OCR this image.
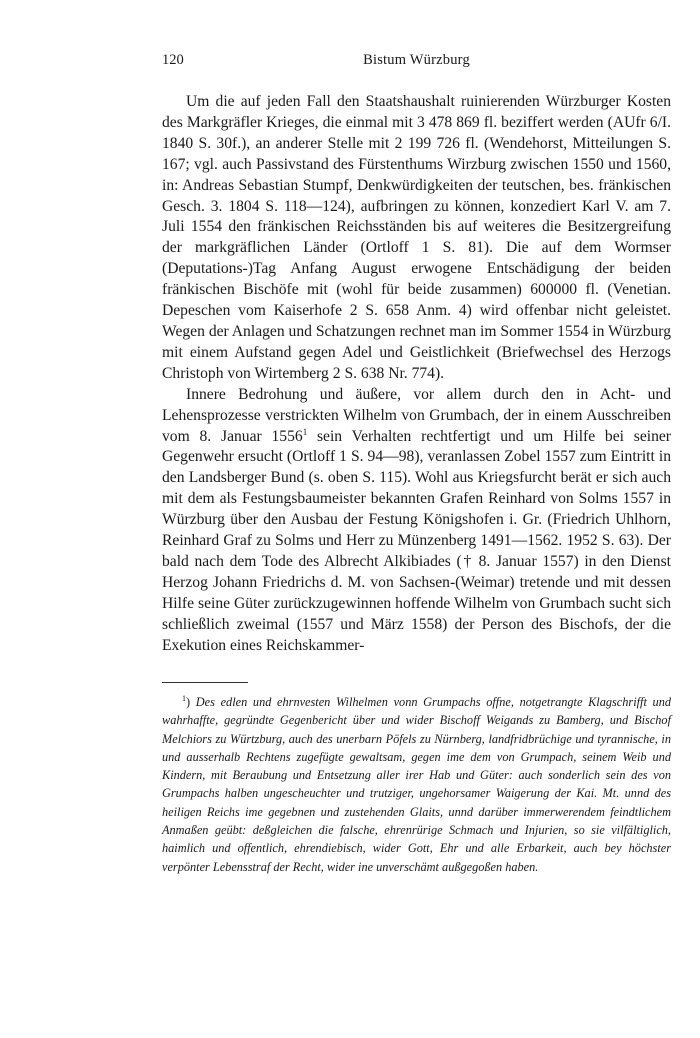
120	Bistum Würzburg

Um die auf jeden Fall den Staatshaushalt ruinierenden Würzburger Kosten des Markgräfler Krieges, die einmal mit 3 478 869 fl. beziffert werden (AUfr 6/I. 1840 S. 30f.), an anderer Stelle mit 2 199 726 fl. (Wendehorst, Mitteilungen S. 167; vgl. auch Passivstand des Fürstenthums Wirzburg zwischen 1550 und 1560, in: Andreas Sebastian Stumpf, Denkwürdigkeiten der teutschen, bes. fränkischen Gesch. 3. 1804 S. 118—124), aufbringen zu können, konzediert Karl V. am 7. Juli 1554 den fränkischen Reichsständen bis auf weiteres die Besitzergreifung der markgräflichen Länder (Ortloff 1 S. 81). Die auf dem Wormser (Deputations-)Tag Anfang August erwogene Entschädigung der beiden fränkischen Bischöfe mit (wohl für beide zusammen) 600000 fl. (Venetian. Depeschen vom Kaiserhofe 2 S. 658 Anm. 4) wird offenbar nicht geleistet. Wegen der Anlagen und Schatzungen rechnet man im Sommer 1554 in Würzburg mit einem Aufstand gegen Adel und Geistlichkeit (Briefwechsel des Herzogs Christoph von Wirtemberg 2 S. 638 Nr. 774).

Innere Bedrohung und äußere, vor allem durch den in Acht- und Lehensprozesse verstrickten Wilhelm von Grumbach, der in einem Ausschreiben vom 8. Januar 1556$^1$ sein Verhalten rechtfertigt und um Hilfe bei seiner Gegenwehr ersucht (Ortloff 1 S. 94—98), veranlassen Zobel 1557 zum Eintritt in den Landsberger Bund (s. oben S. 115). Wohl aus Kriegsfurcht berät er sich auch mit dem als Festungsbaumeister bekannten Grafen Reinhard von Solms 1557 in Würzburg über den Ausbau der Festung Königshofen i. Gr. (Friedrich Uhlhorn, Reinhard Graf zu Solms und Herr zu Münzenberg 1491—1562. 1952 S. 63). Der bald nach dem Tode des Albrecht Alkibiades († 8. Januar 1557) in den Dienst Herzog Johann Friedrichs d. M. von Sachsen-(Weimar) tretende und mit dessen Hilfe seine Güter zurückzugewinnen hoffende Wilhelm von Grumbach sucht sich schließlich zweimal (1557 und März 1558) der Person des Bischofs, der die Exekution eines Reichskammer-

$^1$) Des edlen und ehrnvesten Wilhelmen vonn Grumpachs offne, notgetrangte Klagschrifft und wahrhaffte, gegründte Gegenbericht über und wider Bischoff Weigands zu Bamberg, und Bischof Melchiors zu Würtzburg, auch des unerbarn Pöfels zu Nürnberg, landfridbrüchige und tyrannische, in und ausserhalb Rechtens zugefügte gewaltsam, gegen ime dem von Grumpach, seinem Weib und Kindern, mit Beraubung und Entsetzung aller irer Hab und Güter: auch sonderlich sein des von Grumpachs halben ungescheuchter und trutziger, ungehorsamer Waigerung der Kai. Mt. unnd des heiligen Reichs ime gegebnen und zustehenden Glaits, unnd darüber immerwerendem feindtlichem Anmaßen geübt: deßgleichen die falsche, ehrenrürige Schmach und Injurien, so sie vilfältiglich, haimlich und offentlich, ehrendiebisch, wider Gott, Ehr und alle Erbarkeit, auch bey höchster verpönter Lebensstraf der Recht, wider ine unverschämt außgegoßen haben.
